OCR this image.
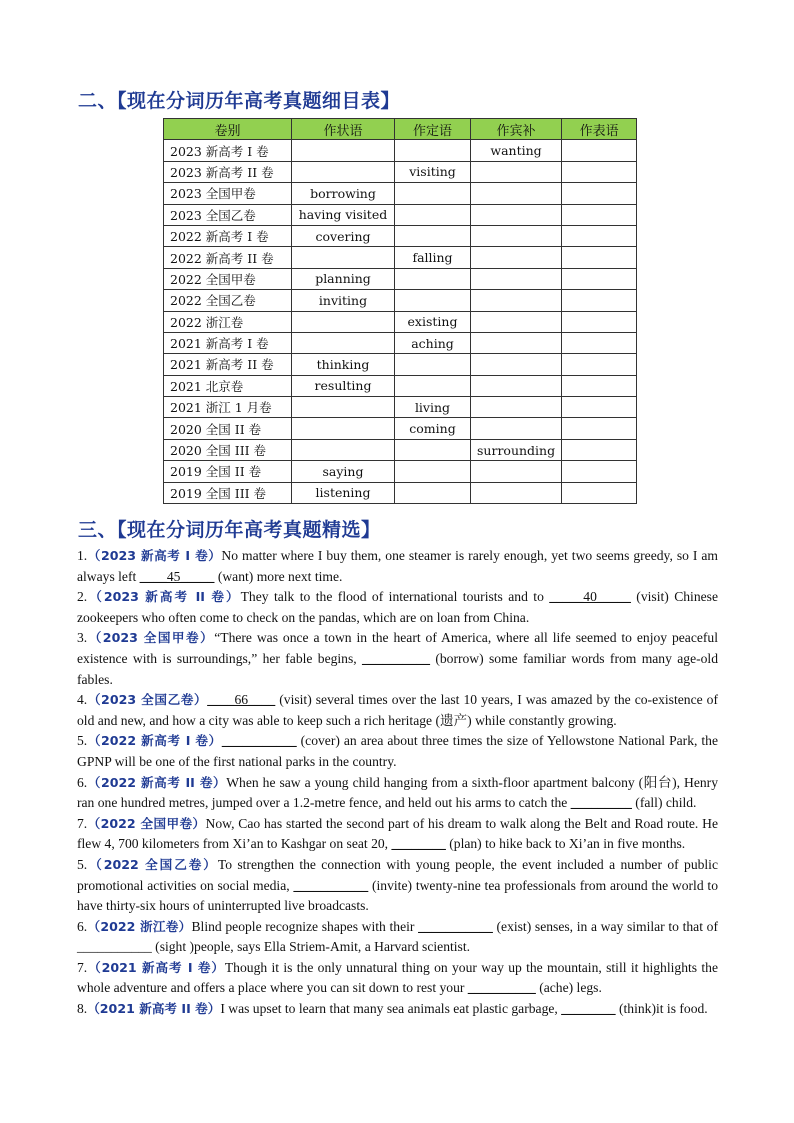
二、【现在分词历年高考真题细目表】
卷别	作状语	作定语	作宾补	作表语
2023 新高考 I 卷			wanting	
2023 新高考 II 卷		visiting		
2023 全国甲卷	borrowing			
2023 全国乙卷	having visited			
2022 新高考 I 卷	covering			
2022 新高考 II 卷		falling		
2022 全国甲卷	planning			
2022 全国乙卷	inviting			
2022 浙江卷		existing		
2021 新高考 I 卷		aching		
2021 新高考 II 卷	thinking			
2021 北京卷	resulting			
2021 浙江 1 月卷		living		
2020 全国 II 卷		coming		
2020 全国 III 卷			surrounding	
2019 全国 II 卷	saying			
2019 全国 III 卷	listening			
三、【现在分词历年高考真题精选】

1.（2023 新高考 I 卷）No matter where I buy them, one steamer is rarely enough, yet two seems greedy, so I am always left ____45_____ (want) more next time.

2.（2023 新高考 II 卷）They talk to the flood of international tourists and to _____40_____ (visit) Chinese zookeepers who often come to check on the pandas, which are on loan from China.

3.（2023 全国甲卷）“There was once a town in the heart of America, where all life seemed to enjoy peaceful existence with is surroundings,” her fable begins, __________ (borrow) some familiar words from many age-old fables.

4.（2023 全国乙卷）____66____ (visit) several times over the last 10 years, I was amazed by the co-existence of old and new, and how a city was able to keep such a rich heritage (遗产) while constantly growing.

5.（2022 新高考 I 卷）___________ (cover) an area about three times the size of Yellowstone National Park, the GPNP will be one of the first national parks in the country.

6.（2022 新高考 II 卷）When he saw a young child hanging from a sixth-floor apartment balcony (阳台), Henry ran one hundred metres, jumped over a 1.2-metre fence, and held out his arms to catch the _________ (fall) child.

7.（2022 全国甲卷）Now, Cao has started the second part of his dream to walk along the Belt and Road route. He flew 4, 700 kilometers from Xi’an to Kashgar on seat 20, ________ (plan) to hike back to Xi’an in five months.

5.（2022 全国乙卷）To strengthen the connection with young people, the event included a number of public promotional activities on social media, ___________ (invite) twenty-nine tea professionals from around the world to have thirty-six hours of uninterrupted live broadcasts.

6.（2022 浙江卷）Blind people recognize shapes with their ___________ (exist) senses, in a way similar to that of ___________ (sight )people, says Ella Striem-Amit, a Harvard scientist.

7.（2021 新高考 I 卷）Though it is the only unnatural thing on your way up the mountain, still it highlights the whole adventure and offers a place where you can sit down to rest your __________ (ache) legs.

8.（2021 新高考 II 卷）I was upset to learn that many sea animals eat plastic garbage, ________ (think)it is food.
